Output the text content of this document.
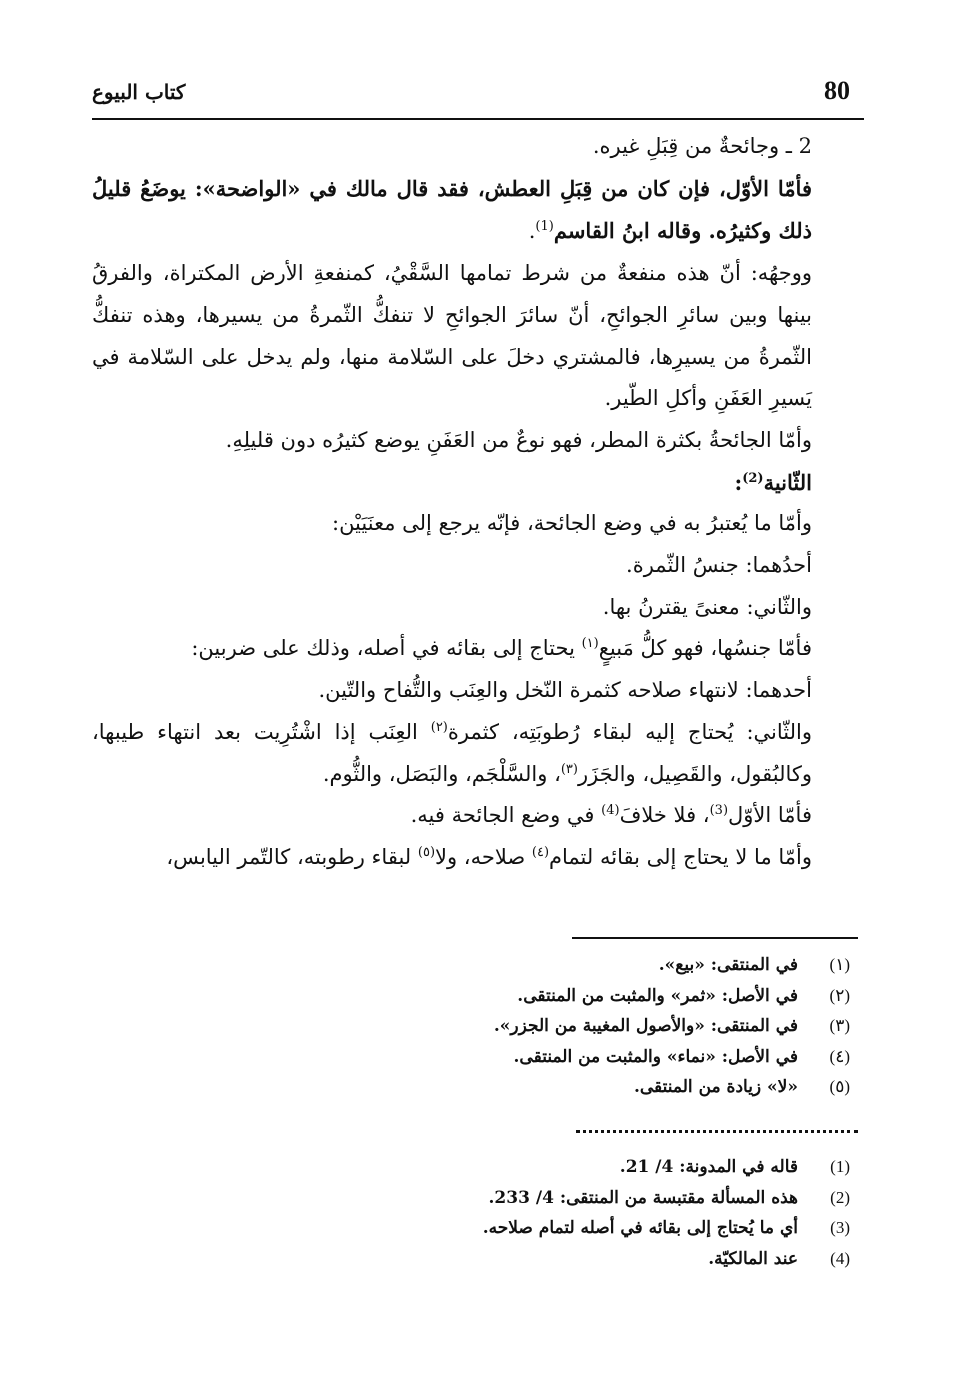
80
كتاب البيوع

2 ـ وجائحةٌ من قِبَلِ غيره.

فأمّا الأوّل، فإن كان من قِبَلِ العطش، فقد قال مالك في «الواضحة»: يوضَعُ قليلُ ذلك وكثيرُه. وقاله ابنُ القاسم$^{(1)}$.

ووجهُه: أنّ هذه منفعةٌ من شرط تمامها السَّقْيُ، كمنفعةِ الأرض المكتراة، والفرقُ بينها وبين سائرِ الجوائحِ، أنّ سائرَ الجوائحِ لا تنفكُّ الثّمرةُ من يسيرها، وهذه تنفكُّ الثّمرةُ من يسيرِها، فالمشتري دخلَ على السّلامة منها، ولم يدخل على السّلامة في يَسيرِ العَفَنِ وأكلِ الطّير.

وأمّا الجائحةُ بكثرة المطر، فهو نوعٌ من العَفَنِ يوضع كثيرُه دون قليلِهِ.

الثّانية$^{(2)}$:

وأمّا ما يُعتبرُ به في وضع الجائحة، فإنّه يرجع إلى معنَيَيْن:

أحدُهما: جنسُ الثّمرة.

والثّاني: معنىً يقترنُ بها.

فأمّا جنسُها، فهو كلُّ مَبيعٍ$^{(١)}$ يحتاج إلى بقائه في أصله، وذلك على ضربين:

أحدهما: لانتهاء صلاحه كثمرة النّخل والعِنَب والتُّفاح والتّين.

والثّاني: يُحتاج إليه لبقاء رُطوبَتِه، كثمرة$^{(٢)}$ العِنَب إذا اشْتُرِيت بعد انتهاء طيبها، وكالبُقول، والقَصِيل، والجَزَر$^{(٣)}$، والسَّلْجَم، والبَصَل، والثُّوم.

فأمّا الأوّل$^{(3)}$، فلا خلافَ$^{(4)}$ في وضع الجائحة فيه.

وأمّا ما لا يحتاج إلى بقائه لتمام$^{(٤)}$ صلاحه، ولا$^{(٥)}$ لبقاء رطوبته، كالتّمر اليابس،

(١)
في المنتقى: «بيع».
(٢)
في الأصل: «ثمر» والمثبت من المنتقى.
(٣)
في المنتقى: «والأصول المغيبة من الجزر».
(٤)
في الأصل: «نماء» والمثبت من المنتقى.
(٥)
«لا» زيادة من المنتقى.
(1)
قاله في المدونة: 4/ 21.
(2)
هذه المسألة مقتبسة من المنتقى: 4/ 233.
(3)
أي ما يُحتاج إلى بقائه في أصله لتمام صلاحه.
(4)
عند المالكيّة.
